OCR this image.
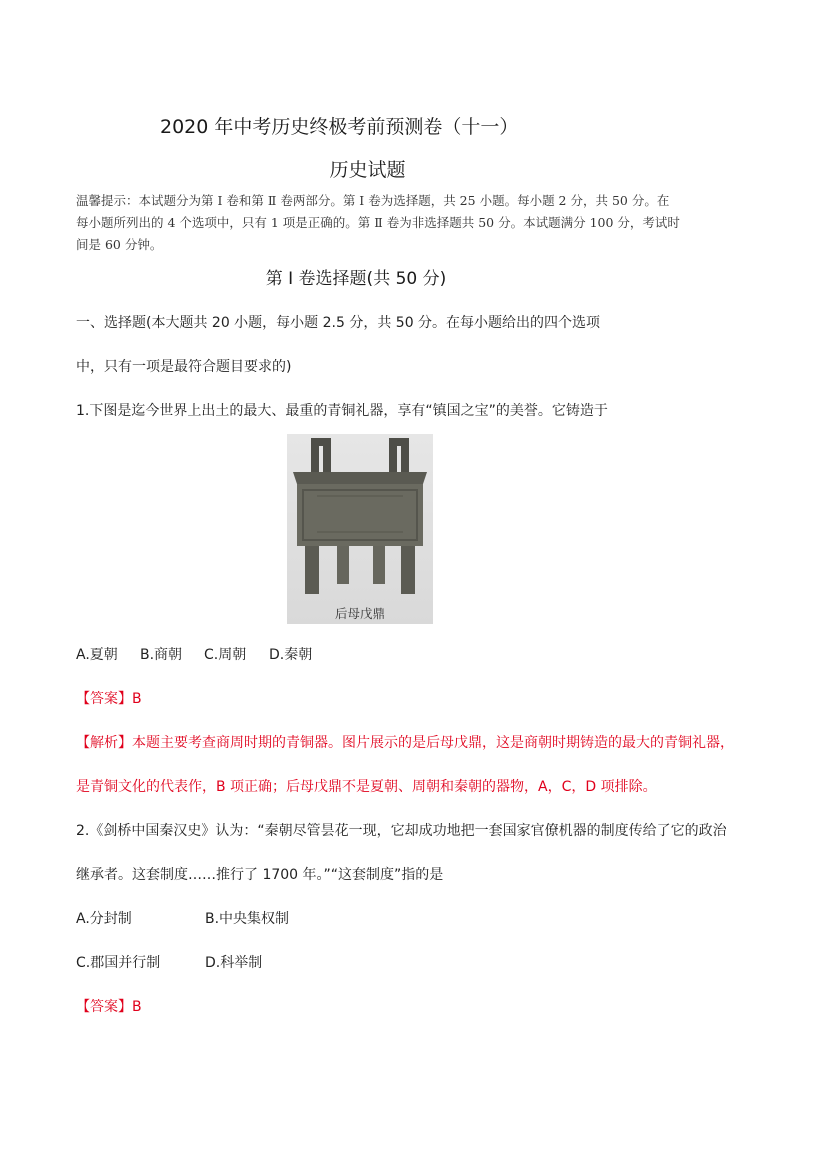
2020 年中考历史终极考前预测卷（十一）
历史试题
温馨提示：本试题分为第 Ⅰ 卷和第 Ⅱ 卷两部分。第 Ⅰ 卷为选择题，共 25 小题。每小题 2 分，共 50 分。在
每小题所列出的 4 个选项中，只有 1 项是正确的。第 Ⅱ 卷为非选择题共 50 分。本试题满分 100 分，考试时
间是 60 分钟。
第 Ⅰ 卷选择题(共 50 分)
一、选择题(本大题共 20 小题，每小题 2.5 分，共 50 分。在每小题给出的四个选项
中，只有一项是最符合题目要求的)
1.下图是迄今世界上出土的最大、最重的青铜礼器，享有“镇国之宝”的美誉。它铸造于
后母戊鼎
A.夏朝 B.商朝 C.周朝 D.秦朝
【答案】B
【解析】本题主要考查商周时期的青铜器。图片展示的是后母戊鼎，这是商朝时期铸造的最大的青铜礼器，
是青铜文化的代表作，B 项正确；后母戊鼎不是夏朝、周朝和秦朝的器物，A，C，D 项排除。
2.《剑桥中国秦汉史》认为：“秦朝尽管昙花一现，它却成功地把一套国家官僚机器的制度传给了它的政治
继承者。这套制度……推行了 1700 年。”“这套制度”指的是
A.分封制	B.中央集权制
C.郡国并行制	D.科举制
【答案】B
